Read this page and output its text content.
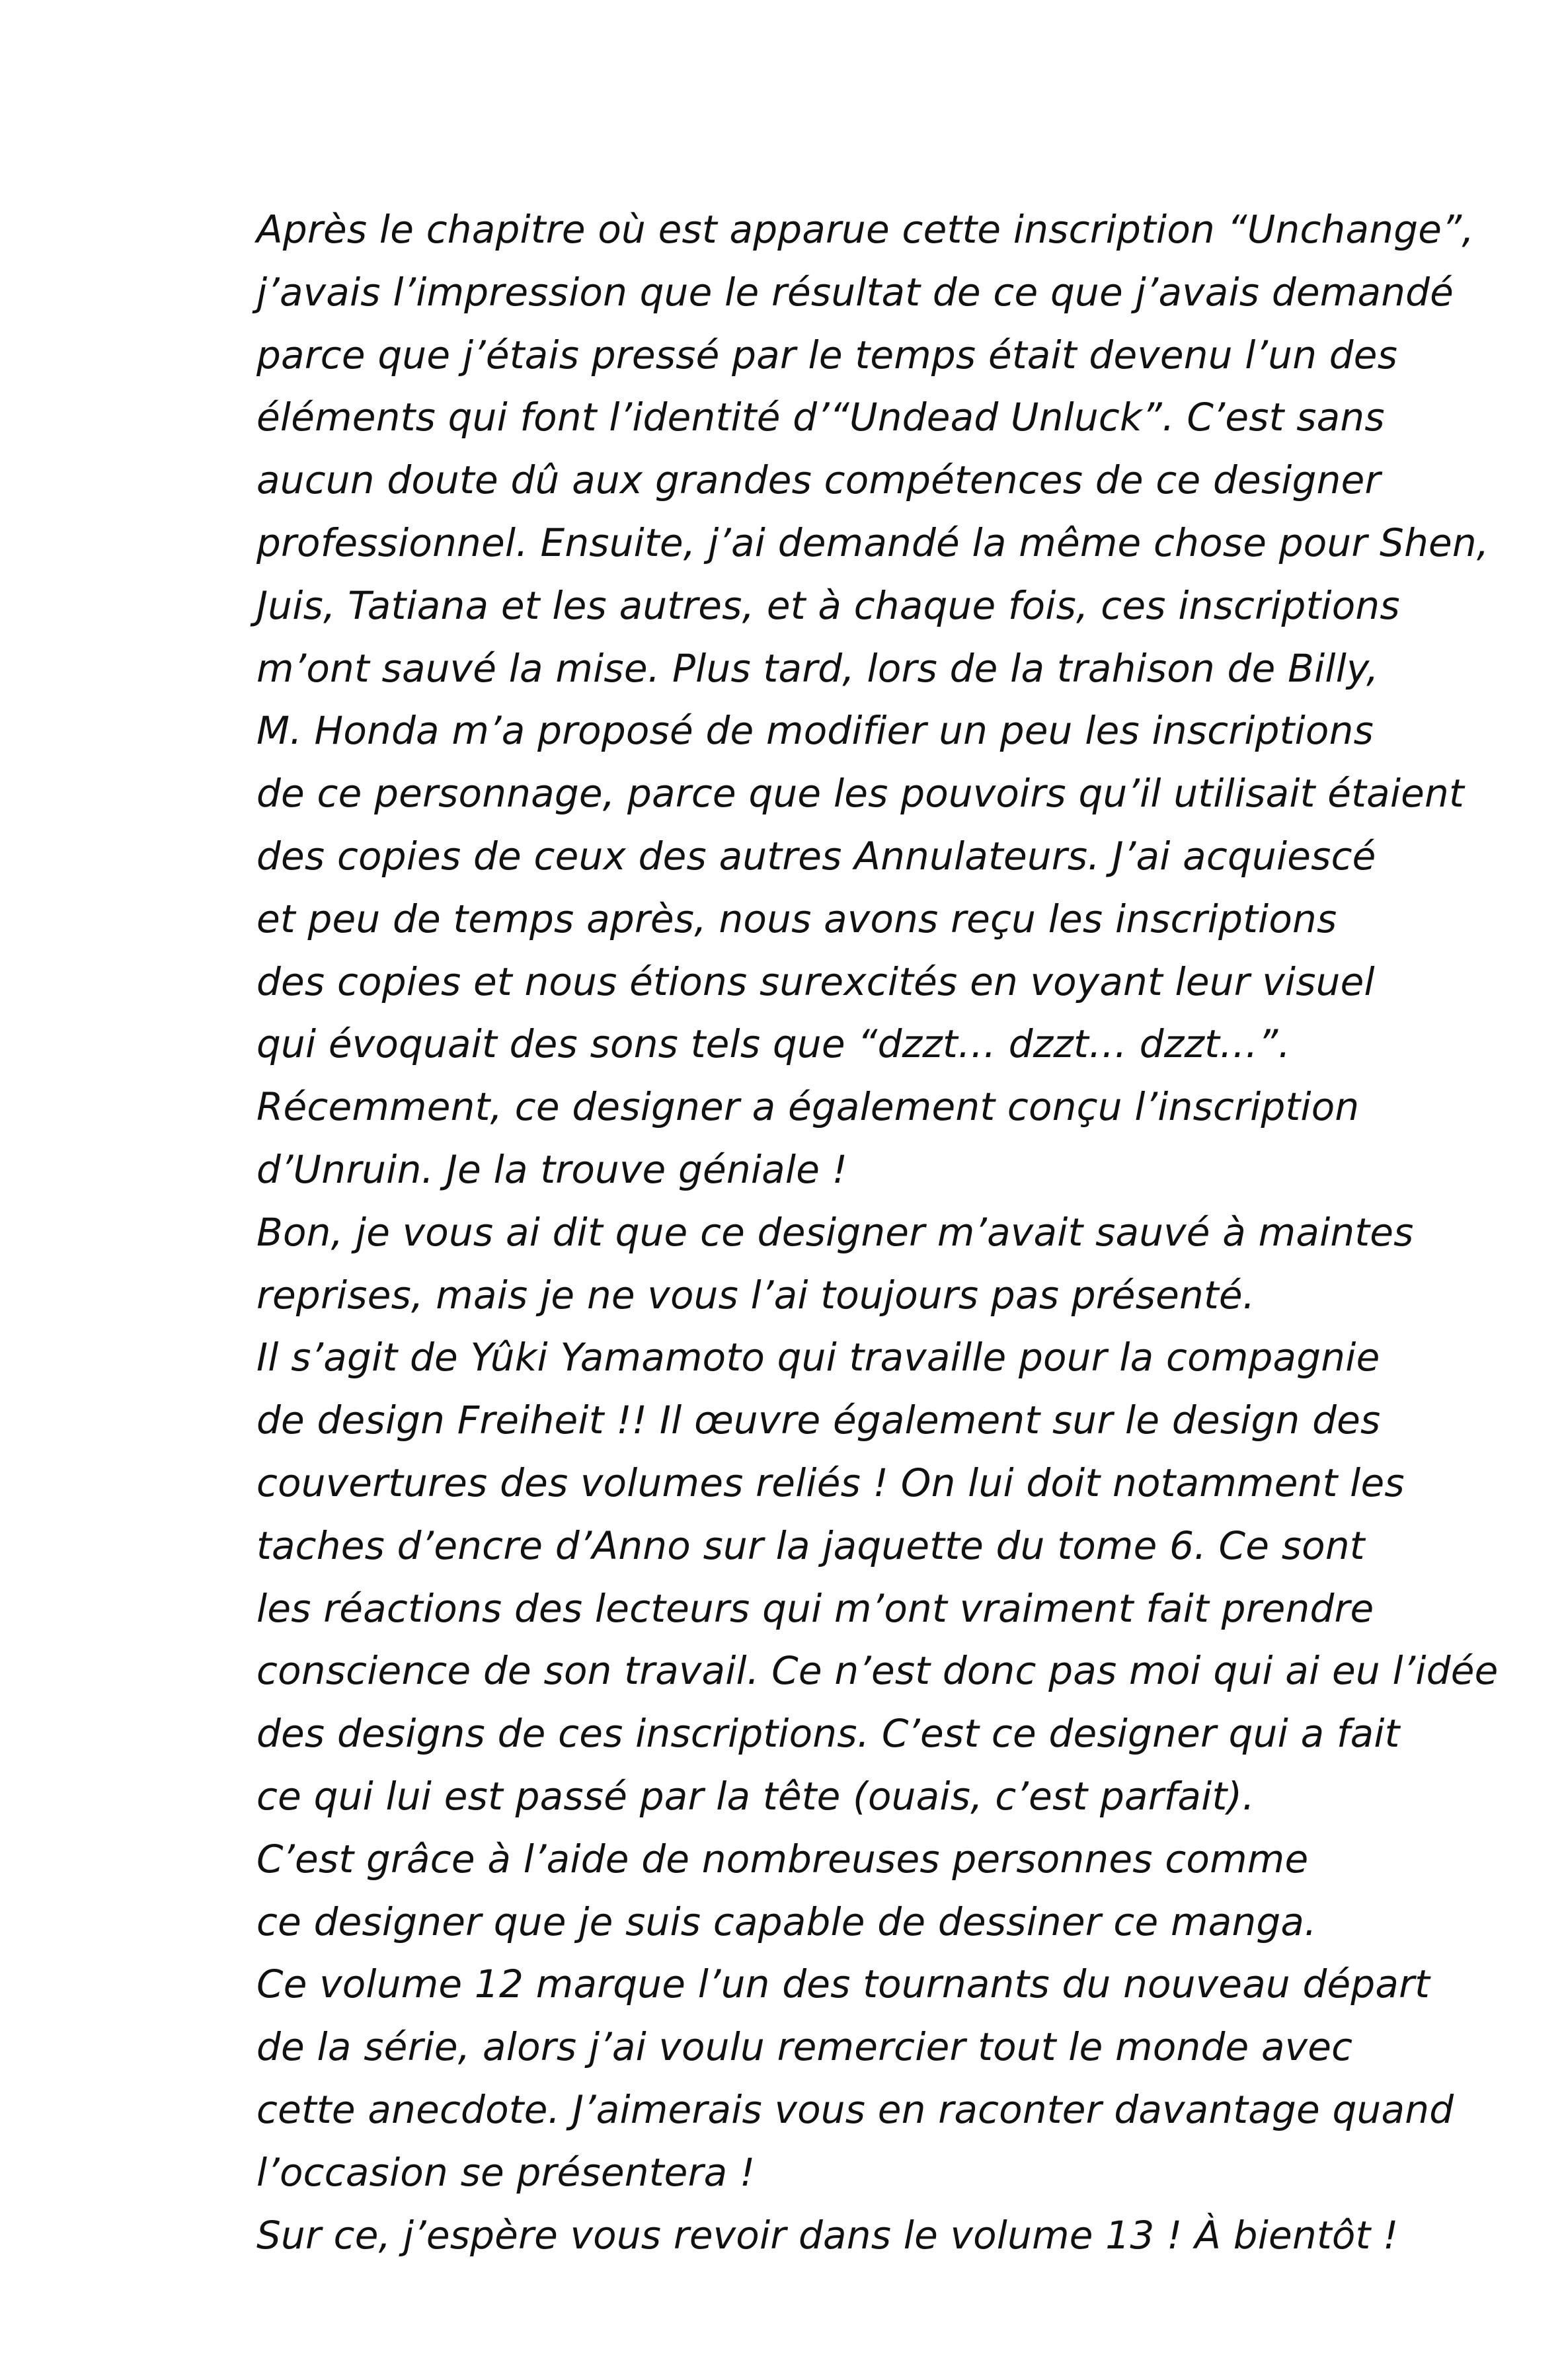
Après le chapitre où est apparue cette inscription “Unchange”,
j’avais l’impression que le résultat de ce que j’avais demandé
parce que j’étais pressé par le temps était devenu l’un des
éléments qui font l’identité d’“Undead Unluck”. C’est sans
aucun doute dû aux grandes compétences de ce designer
professionnel. Ensuite, j’ai demandé la même chose pour Shen,
Juis, Tatiana et les autres, et à chaque fois, ces inscriptions
m’ont sauvé la mise. Plus tard, lors de la trahison de Billy,
M. Honda m’a proposé de modifier un peu les inscriptions
de ce personnage, parce que les pouvoirs qu’il utilisait étaient
des copies de ceux des autres Annulateurs. J’ai acquiescé
et peu de temps après, nous avons reçu les inscriptions
des copies et nous étions surexcités en voyant leur visuel
qui évoquait des sons tels que “dzzt… dzzt… dzzt…”.
Récemment, ce designer a également conçu l’inscription
d’Unruin. Je la trouve géniale !
Bon, je vous ai dit que ce designer m’avait sauvé à maintes
reprises, mais je ne vous l’ai toujours pas présenté.
Il s’agit de Yûki Yamamoto qui travaille pour la compagnie
de design Freiheit !! Il œuvre également sur le design des
couvertures des volumes reliés ! On lui doit notamment les
taches d’encre d’Anno sur la jaquette du tome 6. Ce sont
les réactions des lecteurs qui m’ont vraiment fait prendre
conscience de son travail. Ce n’est donc pas moi qui ai eu l’idée
des designs de ces inscriptions. C’est ce designer qui a fait
ce qui lui est passé par la tête (ouais, c’est parfait).
C’est grâce à l’aide de nombreuses personnes comme
ce designer que je suis capable de dessiner ce manga.
Ce volume 12 marque l’un des tournants du nouveau départ
de la série, alors j’ai voulu remercier tout le monde avec
cette anecdote. J’aimerais vous en raconter davantage quand
l’occasion se présentera !
Sur ce, j’espère vous revoir dans le volume 13 ! À bientôt !
